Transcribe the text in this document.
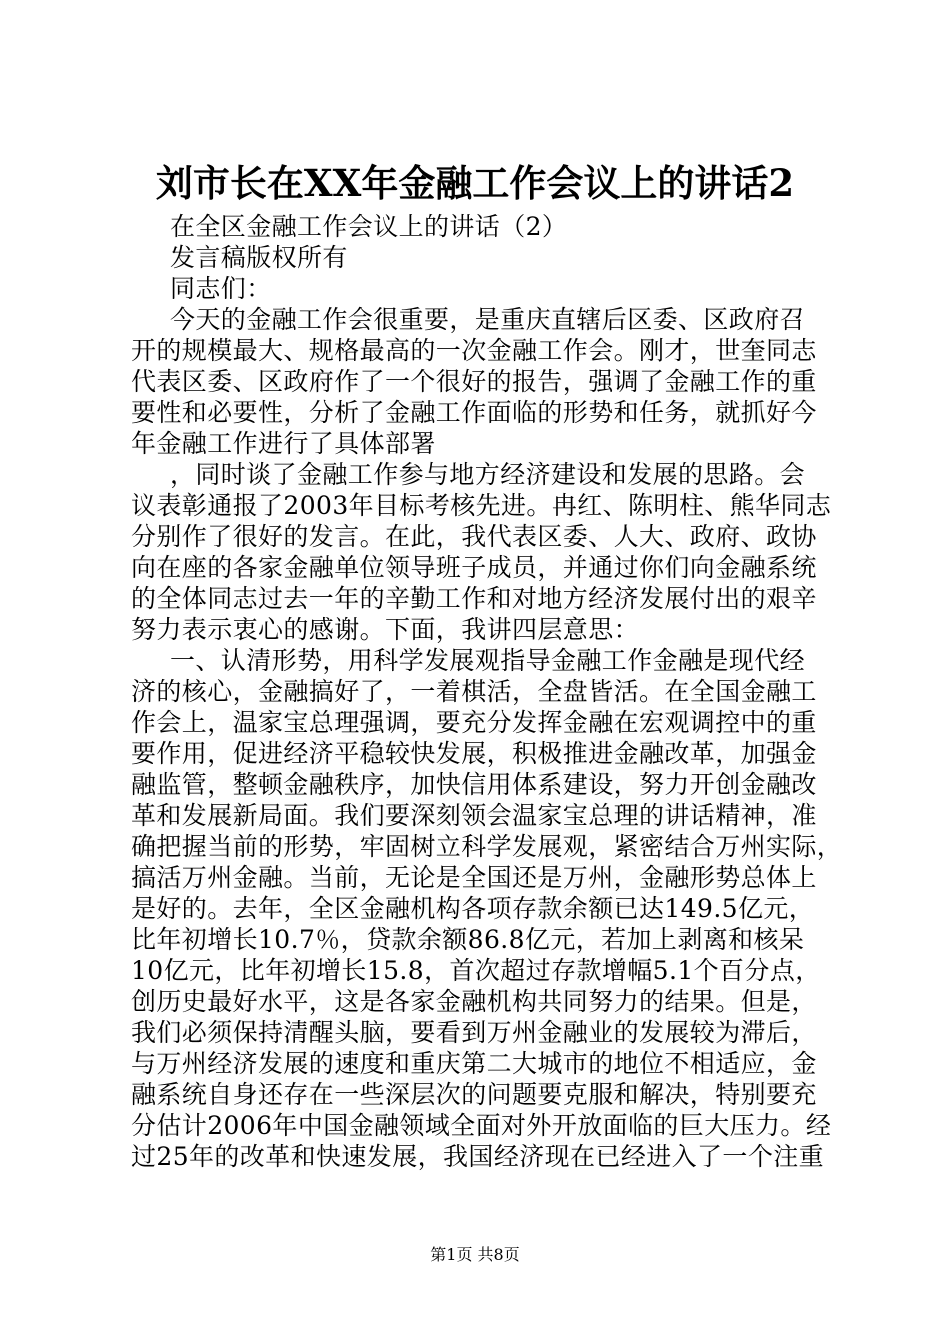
刘市长在XX年金融工作会议上的讲话2
在全区金融工作会议上的讲话（2）
发言稿版权所有
同志们：
今天的金融工作会很重要，是重庆直辖后区委、区政府召
开的规模最大、规格最高的一次金融工作会。刚才，世奎同志
代表区委、区政府作了一个很好的报告，强调了金融工作的重
要性和必要性，分析了金融工作面临的形势和任务，就抓好今
年金融工作进行了具体部署
，同时谈了金融工作参与地方经济建设和发展的思路。会
议表彰通报了2003年目标考核先进。冉红、陈明柱、熊华同志
分别作了很好的发言。在此，我代表区委、人大、政府、政协
向在座的各家金融单位领导班子成员，并通过你们向金融系统
的全体同志过去一年的辛勤工作和对地方经济发展付出的艰辛
努力表示衷心的感谢。下面，我讲四层意思：
一、认清形势，用科学发展观指导金融工作金融是现代经
济的核心，金融搞好了，一着棋活，全盘皆活。在全国金融工
作会上，温家宝总理强调，要充分发挥金融在宏观调控中的重
要作用，促进经济平稳较快发展，积极推进金融改革，加强金
融监管，整顿金融秩序，加快信用体系建设，努力开创金融改
革和发展新局面。我们要深刻领会温家宝总理的讲话精神，准
确把握当前的形势，牢固树立科学发展观，紧密结合万州实际，
搞活万州金融。当前，无论是全国还是万州，金融形势总体上
是好的。去年，全区金融机构各项存款余额已达149.5亿元，
比年初增长10.7％，贷款余额86.8亿元，若加上剥离和核呆
10亿元，比年初增长15.8，首次超过存款增幅5.1个百分点，
创历史最好水平，这是各家金融机构共同努力的结果。但是，
我们必须保持清醒头脑，要看到万州金融业的发展较为滞后，
与万州经济发展的速度和重庆第二大城市的地位不相适应，金
融系统自身还存在一些深层次的问题要克服和解决，特别要充
分估计2006年中国金融领域全面对外开放面临的巨大压力。经
过25年的改革和快速发展，我国经济现在已经进入了一个注重
第1页 共8页
